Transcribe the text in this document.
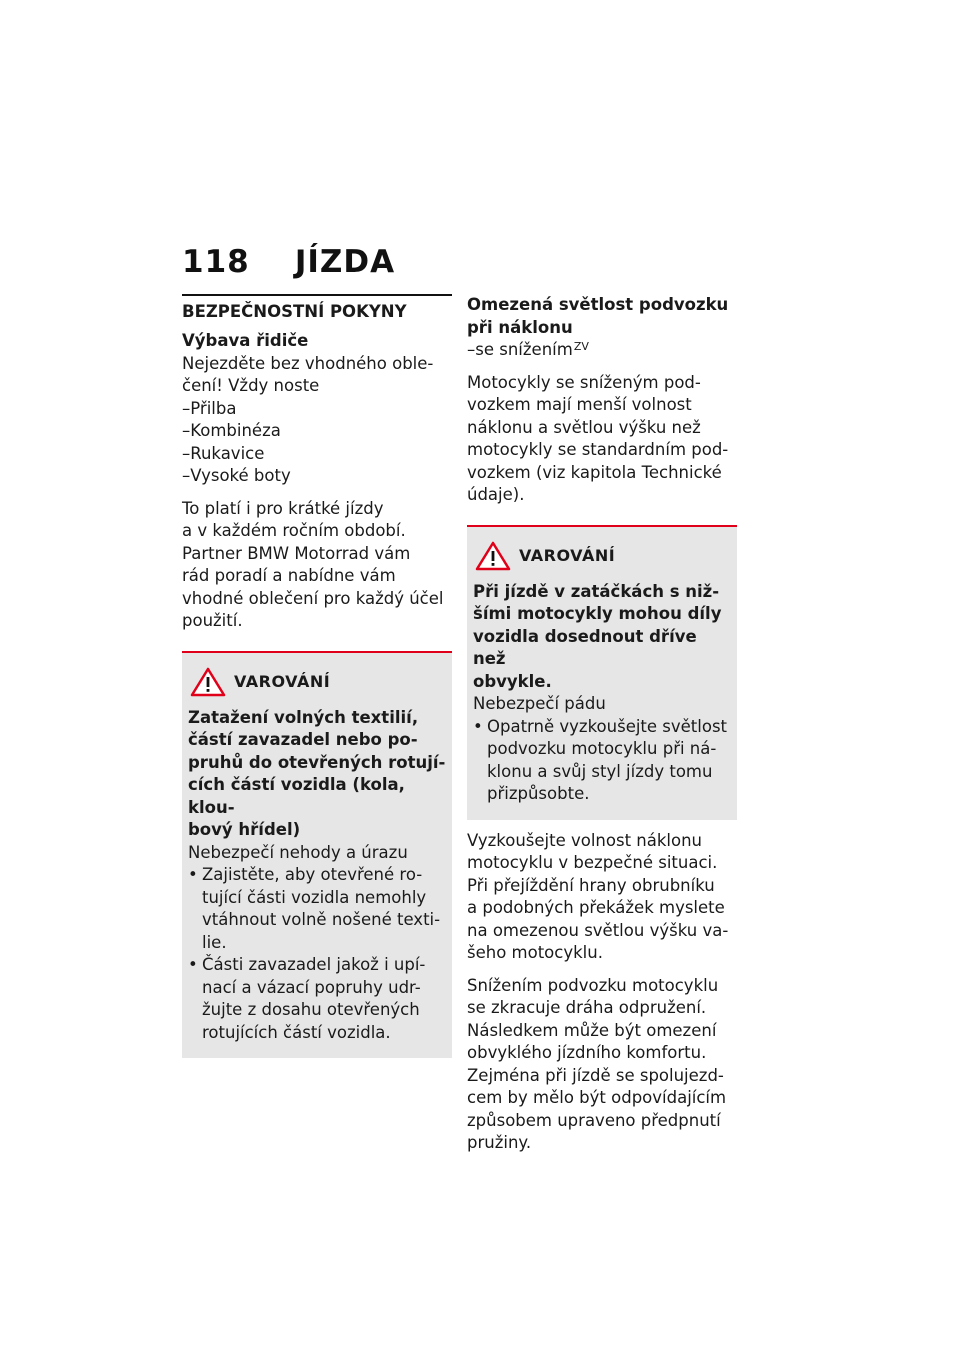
118 JÍZDA
BEZPEČNOSTNÍ POKYNY
Výbava řidiče

Nejezděte bez vhodného oble-

čení! Vždy noste

–Přilba

–Kombinéza

–Rukavice

–Vysoké boty

To platí i pro krátké jízdy

a v každém ročním období.

Partner BMW Motorrad vám

rád poradí a nabídne vám

vhodné oblečení pro každý účel

použití.

VAROVÁNÍ

Zatažení volných textilií,

částí zavazadel nebo po-

pruhů do otevřených rotují-

cích částí vozidla (kola, klou-

bový hřídel)

Nebezpečí nehody a úrazu

• Zajistěte, aby otevřené ro-
tující části vozidla nemohly
vtáhnout volně nošené texti-
lie.
• Části zavazadel jakož i upí-
nací a vázací popruhy udr-
žujte z dosahu otevřených
rotujících částí vozidla.

Omezená světlost podvozku

při náklonu

–se snížením$^{ZV}$

Motocykly se sníženým pod-

vozkem mají menší volnost

náklonu a světlou výšku než

motocykly se standardním pod-

vozkem (viz kapitola Technické

údaje).

VAROVÁNÍ

Při jízdě v zatáčkách s niž-

šími motocykly mohou díly

vozidla dosednout dříve než

obvykle.

Nebezpečí pádu

• Opatrně vyzkoušejte světlost
podvozku motocyklu při ná-
klonu a svůj styl jízdy tomu
přizpůsobte.

Vyzkoušejte volnost náklonu

motocyklu v bezpečné situaci.

Při přejíždění hrany obrubníku

a podobných překážek myslete

na omezenou světlou výšku va-

šeho motocyklu.

Snížením podvozku motocyklu

se zkracuje dráha odpružení.

Následkem může být omezení

obvyklého jízdního komfortu.

Zejména při jízdě se spolujezd-

cem by mělo být odpovídajícím

způsobem upraveno předpnutí

pružiny.
